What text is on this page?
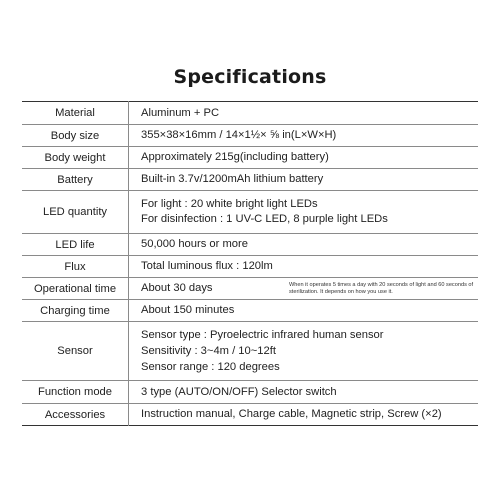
Specifications
Material	Aluminum + PC

Body size	355×38×16mm / 14×1½× ⅝ in(L×W×H)

Body weight	Approximately 215g(including battery)

Battery	Built-in 3.7v/1200mAh lithium battery

LED quantity	For light : 20 white bright light LEDs
For disinfection : 1 UV-C LED, 8 purple light LEDs

LED life	50,000 hours or more

Flux	Total luminous flux : 120lm

Operational time	About 30 days When it operates 5 times a day with 20 seconds of light and 60 seconds of sterilization. It depends on how you use it.

Charging time	About 150 minutes

Sensor	Sensor type : Pyroelectric infrared human sensor
Sensitivity : 3~4m / 10~12ft
Sensor range : 120 degrees

Function mode	3 type (AUTO/ON/OFF) Selector switch

Accessories	Instruction manual, Charge cable, Magnetic strip, Screw (×2)
